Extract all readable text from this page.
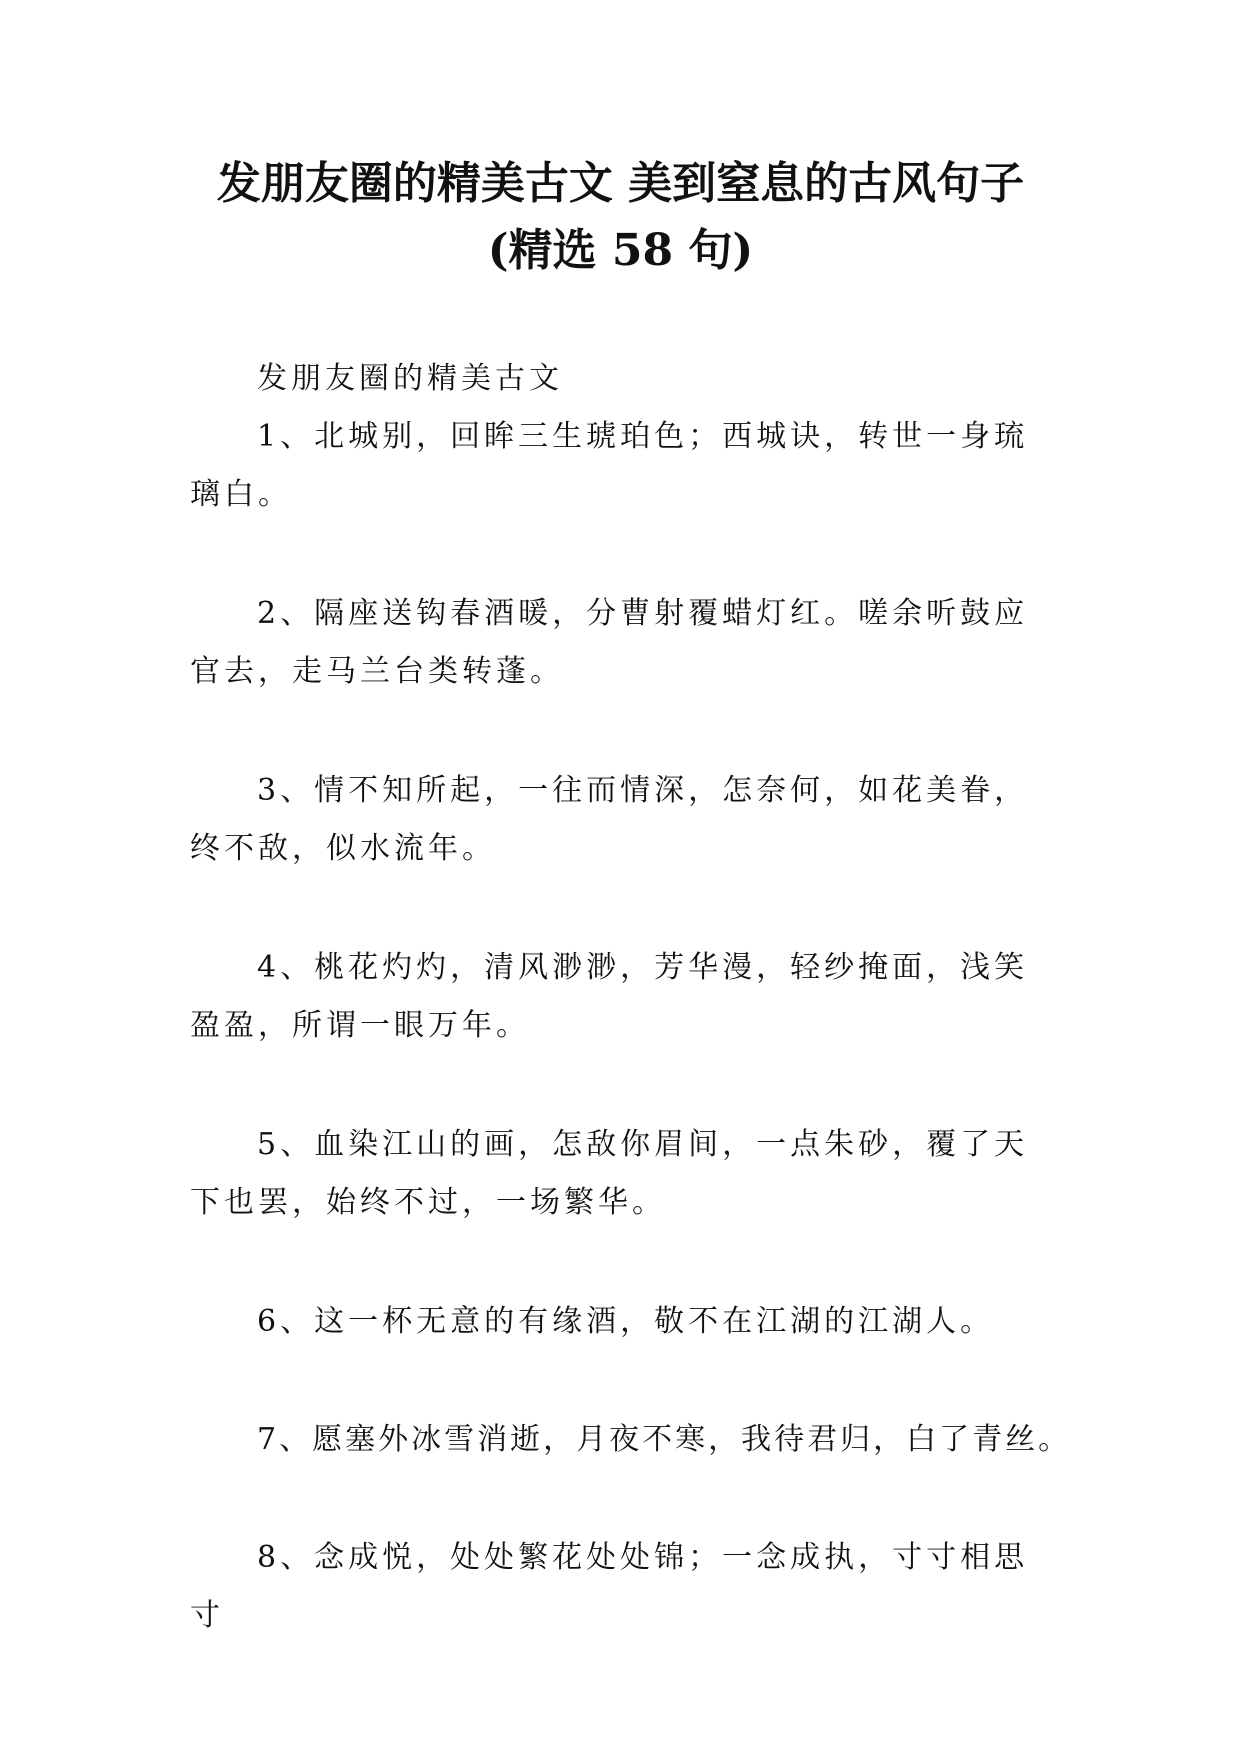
发朋友圈的精美古文 美到窒息的古风句子
(精选 58 句)
发朋友圈的精美古文
1、北城别，回眸三生琥珀色；西城诀，转世一身琉璃白。
2、隔座送钩春酒暖，分曹射覆蜡灯红。嗟余听鼓应官去，走马兰台类转蓬。
3、情不知所起，一往而情深，怎奈何，如花美眷，终不敌，似水流年。
4、桃花灼灼，清风渺渺，芳华漫，轻纱掩面，浅笑盈盈，所谓一眼万年。
5、血染江山的画，怎敌你眉间，一点朱砂，覆了天下也罢，始终不过，一场繁华。
6、这一杯无意的有缘酒，敬不在江湖的江湖人。
7、愿塞外冰雪消逝，月夜不寒，我待君归，白了青丝。
8、念成悦，处处繁花处处锦；一念成执，寸寸相思寸
